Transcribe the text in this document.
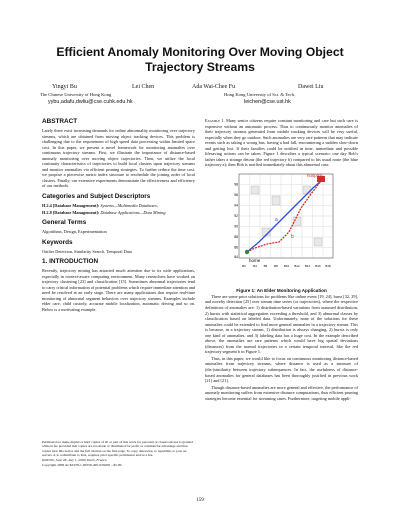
Efficient Anomaly Monitoring Over Moving Object
Trajectory Streams
Yingyi Bu	Lei Chen	Ada Wai-Chee Fu	Dawei Liu
The Chinese University of Hong Kong	Hong Kong University of Sci. & Tech.
yybu,adafu,dwliu@cse.cuhk.edu.hk	leichen@cse.ust.hk
ABSTRACT

Lately there exist increasing demands for online abnormality monitoring over trajectory streams, which are obtained from moving object tracking devices. This problem is challenging due to the requirement of high speed data processing within limited space cost. In this paper, we present a novel framework for monitoring anomalies over continuous trajectory streams. First, we illustrate the importance of distance-based anomaly monitoring over moving object trajectories. Then, we utilize the local continuity characteristics of trajectories to build local clusters upon trajectory streams and monitor anomalies via efficient pruning strategies. To further reduce the time cost, we propose a piecewise metric index structure to reschedule the joining order of local clusters. Finally, our extensive experiments demonstrate the effectiveness and efficiency of our methods.

Categories and Subject Descriptors

H.2.4 [Database Management]: Systems—Multimedia Databases;

H.2.8 [Database Management]: Database Applications—Data Mining

General Terms

Algorithms, Design, Experimentation

Keywords

Outlier Detection, Similarity Search, Temporal Data

1. INTRODUCTION

Recently, trajectory mining has attracted much attention due to its wide applications, especially in context-aware computing environment. Many researchers have worked on trajectory clustering [23] and classification [15]. Sometimes abnormal trajectories tend to carry critical information of potential problems which require immediate attention and need be resolved at an early stage. There are many applications that require real-time monitoring of abnormal segment behaviors over trajectory streams. Examples include elder care, child custody, accurate mobile localization, automatic driving and so on. Below is a motivating example.

Permission to make digital or hard copies of all or part of this work for personal or classroom use is granted without fee provided that copies are not made or distributed for profit or commercial advantage and that copies bear this notice and the full citation on the first page. To copy otherwise, to republish, to post on servers or to redistribute to lists, requires prior specific permission and/or a fee.

KDD'09, June 28–July 1, 2009, Paris, France.

Copyright 2009 ACM 978-1-60558-495-9/09/06 ...$5.00.

Example 1. Many senior citizens require constant monitoring and care but such care is expensive without an automatic process. Thus to continuously monitor anomalies of their trajectory streams generated from mobile tracking devices will be very useful, especially when they go outdoor. Such anomalies are very rare patterns that may indicate events such as taking a wrong bus, having a bad fall, encountering a sudden slow-down and getting lost. If their families could be notified in time, immediate and possible lifesaving actions can be taken. Figure 1 describes a typical scenario: one day Bob's father takes a strange detour (the red trajectory b) compared to his usual route (the blue trajectory a); then Bob is notified immediately about this abnormal case.

hospital
home
a
b
98
96
94
92
90
88
86
84
B2 B4 B6 B8 B10 B12 B14 B16 B18
Figure 1: An Elder Monitoring Application

There are some prior solutions for problems like online event [19, 24], burst [32, 29], and novelty detection [25] over stream time series (or trajectories), where the respective definitions of anomalies are: 1) distribution-based variations from assumed distribution, 2) bursts with statistical aggregation exceeding a threshold, and 3) abnormal classes by classification based on labeled data. Unfortunately, none of the solutions for these anomalies could be extended to find more general anomalies in a trajectory stream. This is because, in a trajectory stream, 1) distribution is always changing, 2) bursts is only one kind of anomalies, and 3) labeling data has a huge cost. In the example described above, the anomalies are rare patterns which would have big spatial deviations (distances) from the normal trajectories in a certain temporal interval, like the red trajectory segment b in Figure 1.

Thus, in this paper, we would like to focus on continuous monitoring distance-based anomalies from trajectory streams, where distance is used as a measure of (dis-)similarity between trajectory subsequences. In fact, the usefulness of distance-based anomalies for general databases has been thoroughly justified in previous work [21] and [21].

Though distance-based anomalies are more general and effective, the performance of anomaly monitoring suffers from extensive distance computations, thus efficient pruning strategies become essential for streaming cases. Furthermore, targeting mobile appli-

159
